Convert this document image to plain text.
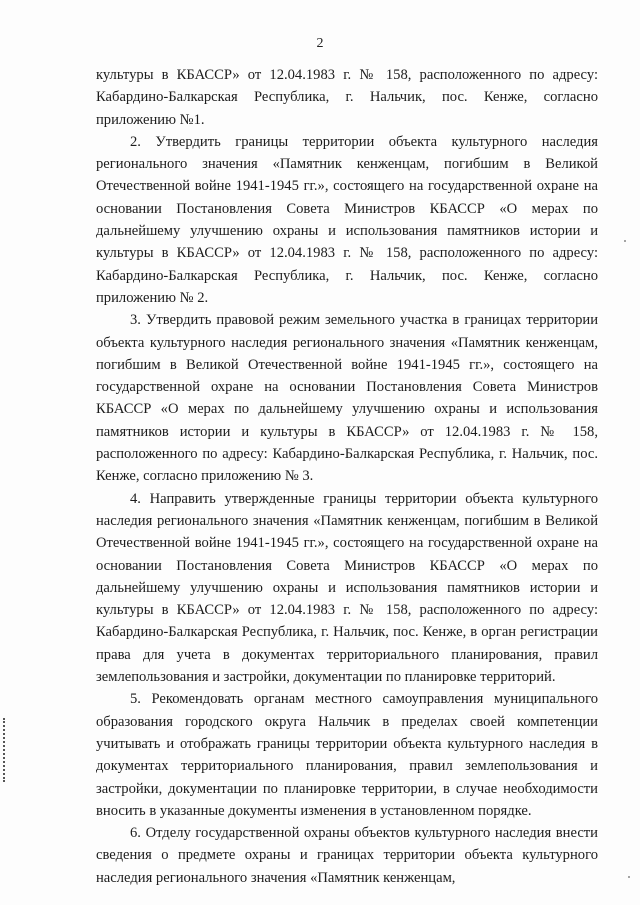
2

культуры в КБАССР» от 12.04.1983 г. № 158, расположенного по адресу: Кабардино-Балкарская Республика, г. Нальчик, пос. Кенже, согласно приложению №1.

2. Утвердить границы территории объекта культурного наследия регионального значения «Памятник кенженцам, погибшим в Великой Отечественной войне 1941-1945 гг.», состоящего на государственной охране на основании Постановления Совета Министров КБАССР «О мерах по дальнейшему улучшению охраны и использования памятников истории и культуры в КБАССР» от 12.04.1983 г. № 158, расположенного по адресу: Кабардино-Балкарская Республика, г. Нальчик, пос. Кенже, согласно приложению № 2.

3. Утвердить правовой режим земельного участка в границах территории объекта культурного наследия регионального значения «Памятник кенженцам, погибшим в Великой Отечественной войне 1941-1945 гг.», состоящего на государственной охране на основании Постановления Совета Министров КБАССР «О мерах по дальнейшему улучшению охраны и использования памятников истории и культуры в КБАССР» от 12.04.1983 г. № 158, расположенного по адресу: Кабардино-Балкарская Республика, г. Нальчик, пос. Кенже, согласно приложению № 3.

4. Направить утвержденные границы территории объекта культурного наследия регионального значения «Памятник кенженцам, погибшим в Великой Отечественной войне 1941-1945 гг.», состоящего на государственной охране на основании Постановления Совета Министров КБАССР «О мерах по дальнейшему улучшению охраны и использования памятников истории и культуры в КБАССР» от 12.04.1983 г. № 158, расположенного по адресу: Кабардино-Балкарская Республика, г. Нальчик, пос. Кенже, в орган регистрации права для учета в документах территориального планирования, правил землепользования и застройки, документации по планировке территорий.

5. Рекомендовать органам местного самоуправления муниципального образования городского округа Нальчик в пределах своей компетенции учитывать и отображать границы территории объекта культурного наследия в документах территориального планирования, правил землепользования и застройки, документации по планировке территории, в случае необходимости вносить в указанные документы изменения в установленном порядке.

6. Отделу государственной охраны объектов культурного наследия внести сведения о предмете охраны и границах территории объекта культурного наследия регионального значения «Памятник кенженцам,
